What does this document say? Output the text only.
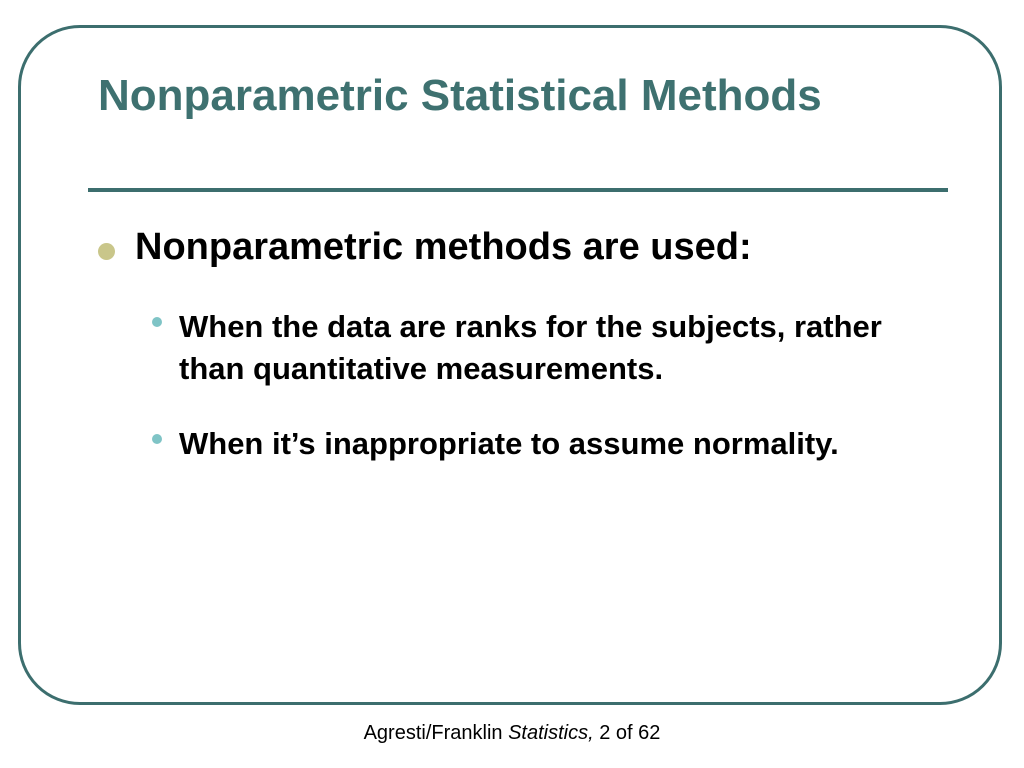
Nonparametric Statistical Methods
Nonparametric methods are used:
When the data are ranks for the subjects, rather than quantitative measurements.
When it’s inappropriate to assume normality.
Agresti/Franklin Statistics, 2 of 62
